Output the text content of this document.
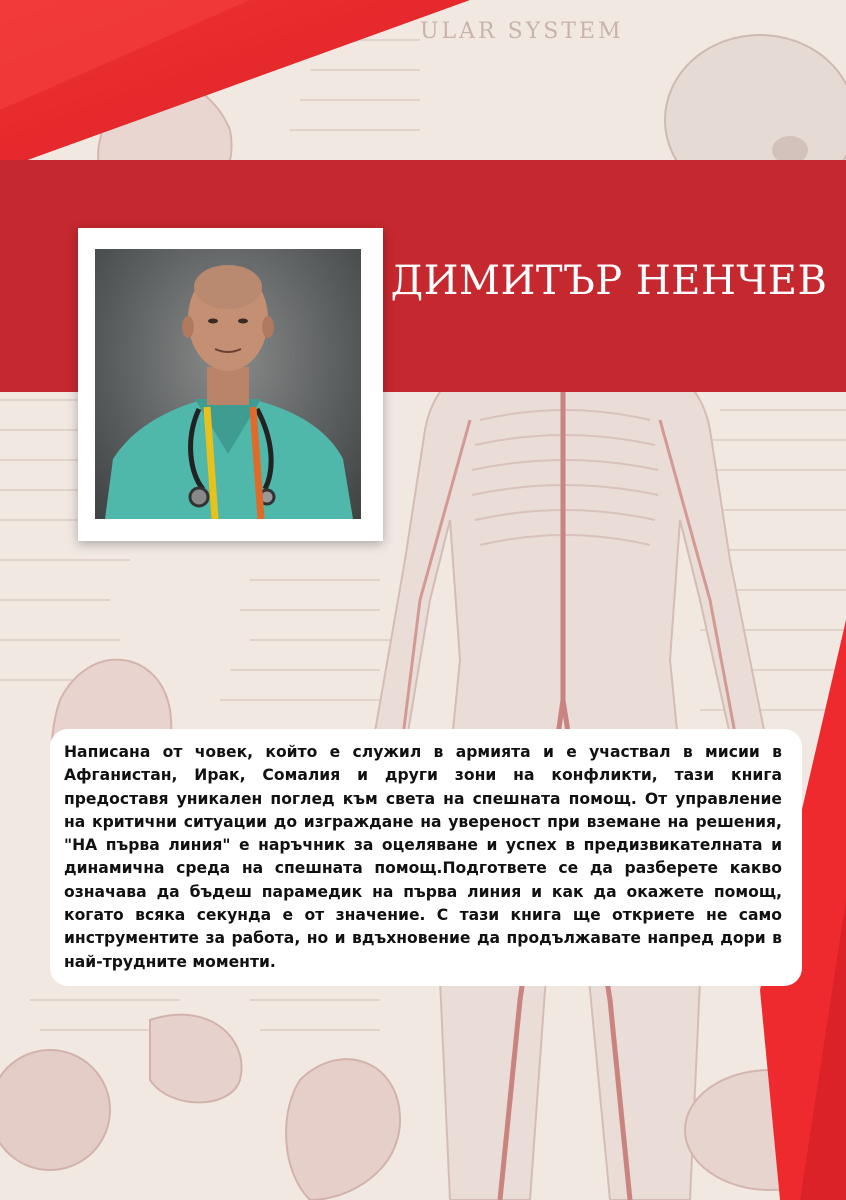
ULAR SYSTEM
ДИМИТЪР НЕНЧЕВ

Написана от човек, който е служил в армията и е участвал в мисии в Афганистан, Ирак, Сомалия и други зони на конфликти, тази книга предоставя уникален поглед към света на спешната помощ. От управление на критични ситуации до изграждане на увереност при вземане на решения, "НА първа линия" е наръчник за оцеляване и успех в предизвикателната и динамична среда на спешната помощ.Подгответе се да разберете какво означава да бъдеш парамедик на първа линия и как да окажете помощ, когато всяка секунда е от значение. С тази книга ще откриете не само инструментите за работа, но и вдъхновение да продължавате напред дори в най-трудните моменти.
